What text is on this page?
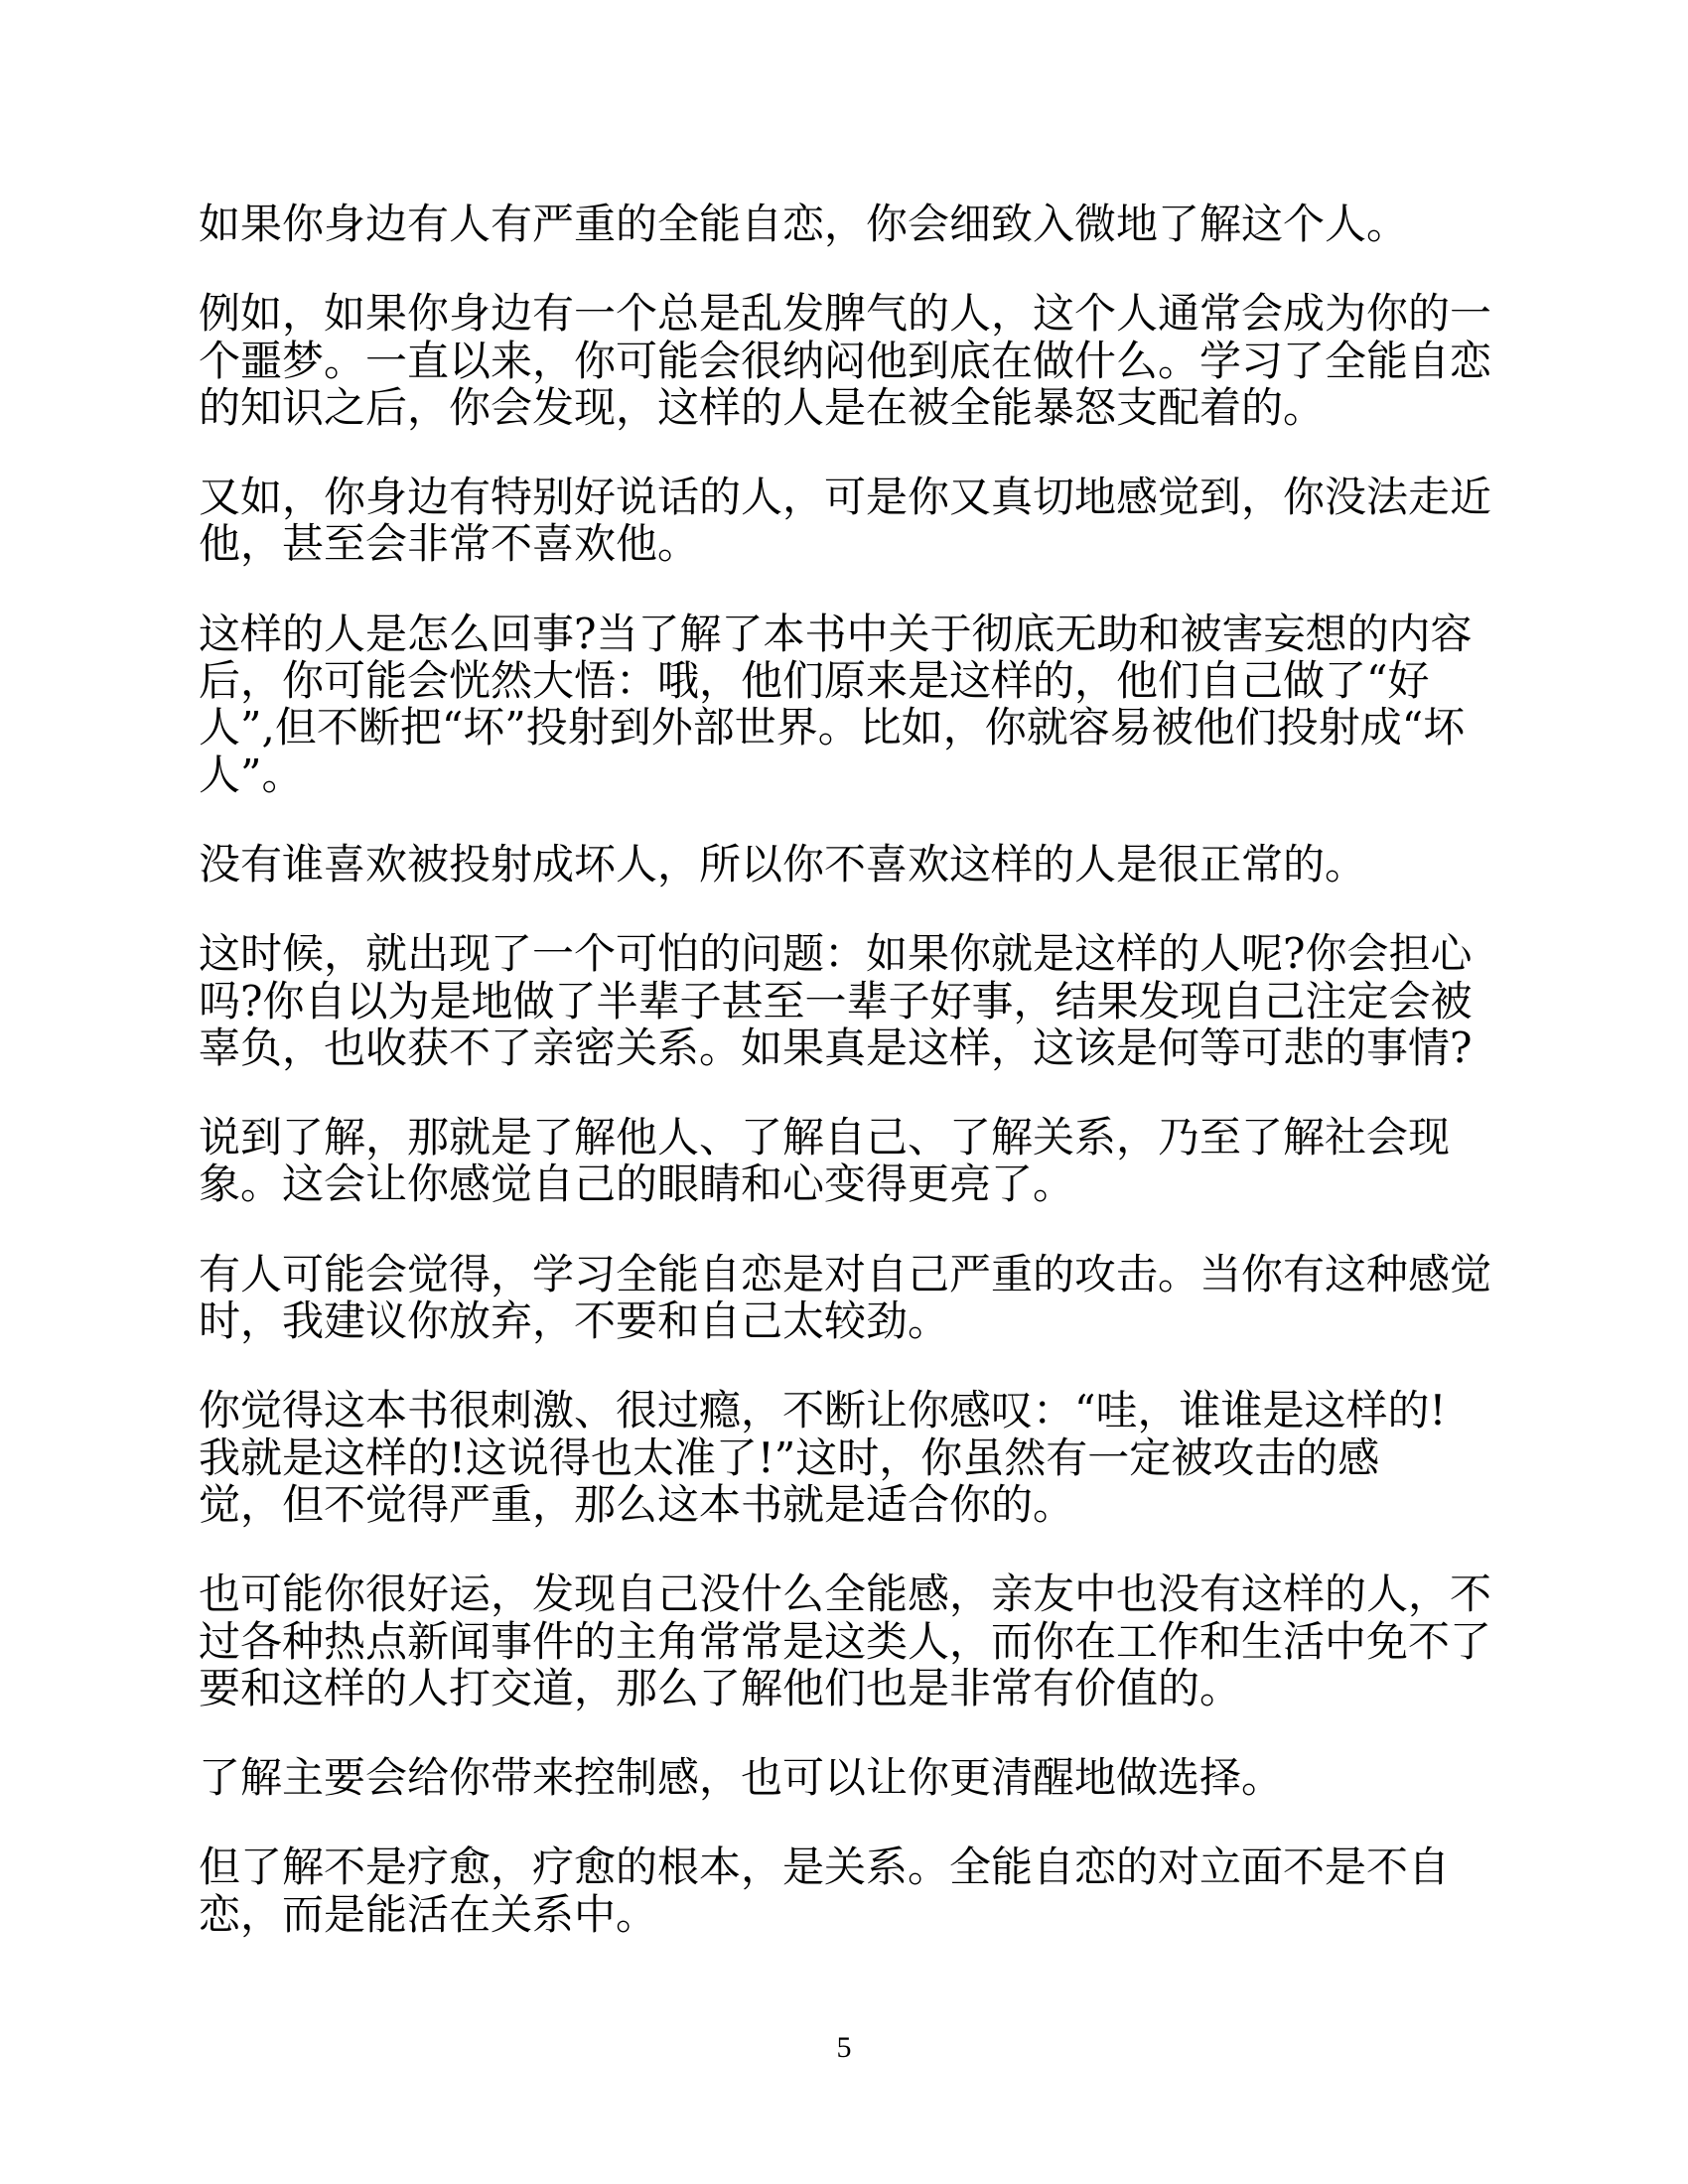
如果你身边有人有严重的全能自恋，你会细致入微地了解这个人。

例如，如果你身边有一个总是乱发脾气的人，这个人通常会成为你的一
个噩梦。一直以来，你可能会很纳闷他到底在做什么。学习了全能自恋
的知识之后，你会发现，这样的人是在被全能暴怒支配着的。

又如，你身边有特别好说话的人，可是你又真切地感觉到，你没法走近
他，甚至会非常不喜欢他。

这样的人是怎么回事?当了解了本书中关于彻底无助和被害妄想的内容
后，你可能会恍然大悟：哦，他们原来是这样的，他们自己做了“好
人”,但不断把“坏”投射到外部世界。比如，你就容易被他们投射成“坏
人”。

没有谁喜欢被投射成坏人，所以你不喜欢这样的人是很正常的。

这时候，就出现了一个可怕的问题：如果你就是这样的人呢?你会担心
吗?你自以为是地做了半辈子甚至一辈子好事，结果发现自己注定会被
辜负，也收获不了亲密关系。如果真是这样，这该是何等可悲的事情?

说到了解，那就是了解他人、了解自己、了解关系，乃至了解社会现
象。这会让你感觉自己的眼睛和心变得更亮了。

有人可能会觉得，学习全能自恋是对自己严重的攻击。当你有这种感觉
时，我建议你放弃，不要和自己太较劲。

你觉得这本书很刺激、很过瘾，不断让你感叹：“哇，谁谁是这样的!
我就是这样的!这说得也太准了!”这时，你虽然有一定被攻击的感
觉，但不觉得严重，那么这本书就是适合你的。

也可能你很好运，发现自己没什么全能感，亲友中也没有这样的人，不
过各种热点新闻事件的主角常常是这类人，而你在工作和生活中免不了
要和这样的人打交道，那么了解他们也是非常有价值的。

了解主要会给你带来控制感，也可以让你更清醒地做选择。

但了解不是疗愈，疗愈的根本，是关系。全能自恋的对立面不是不自
恋，而是能活在关系中。

5
